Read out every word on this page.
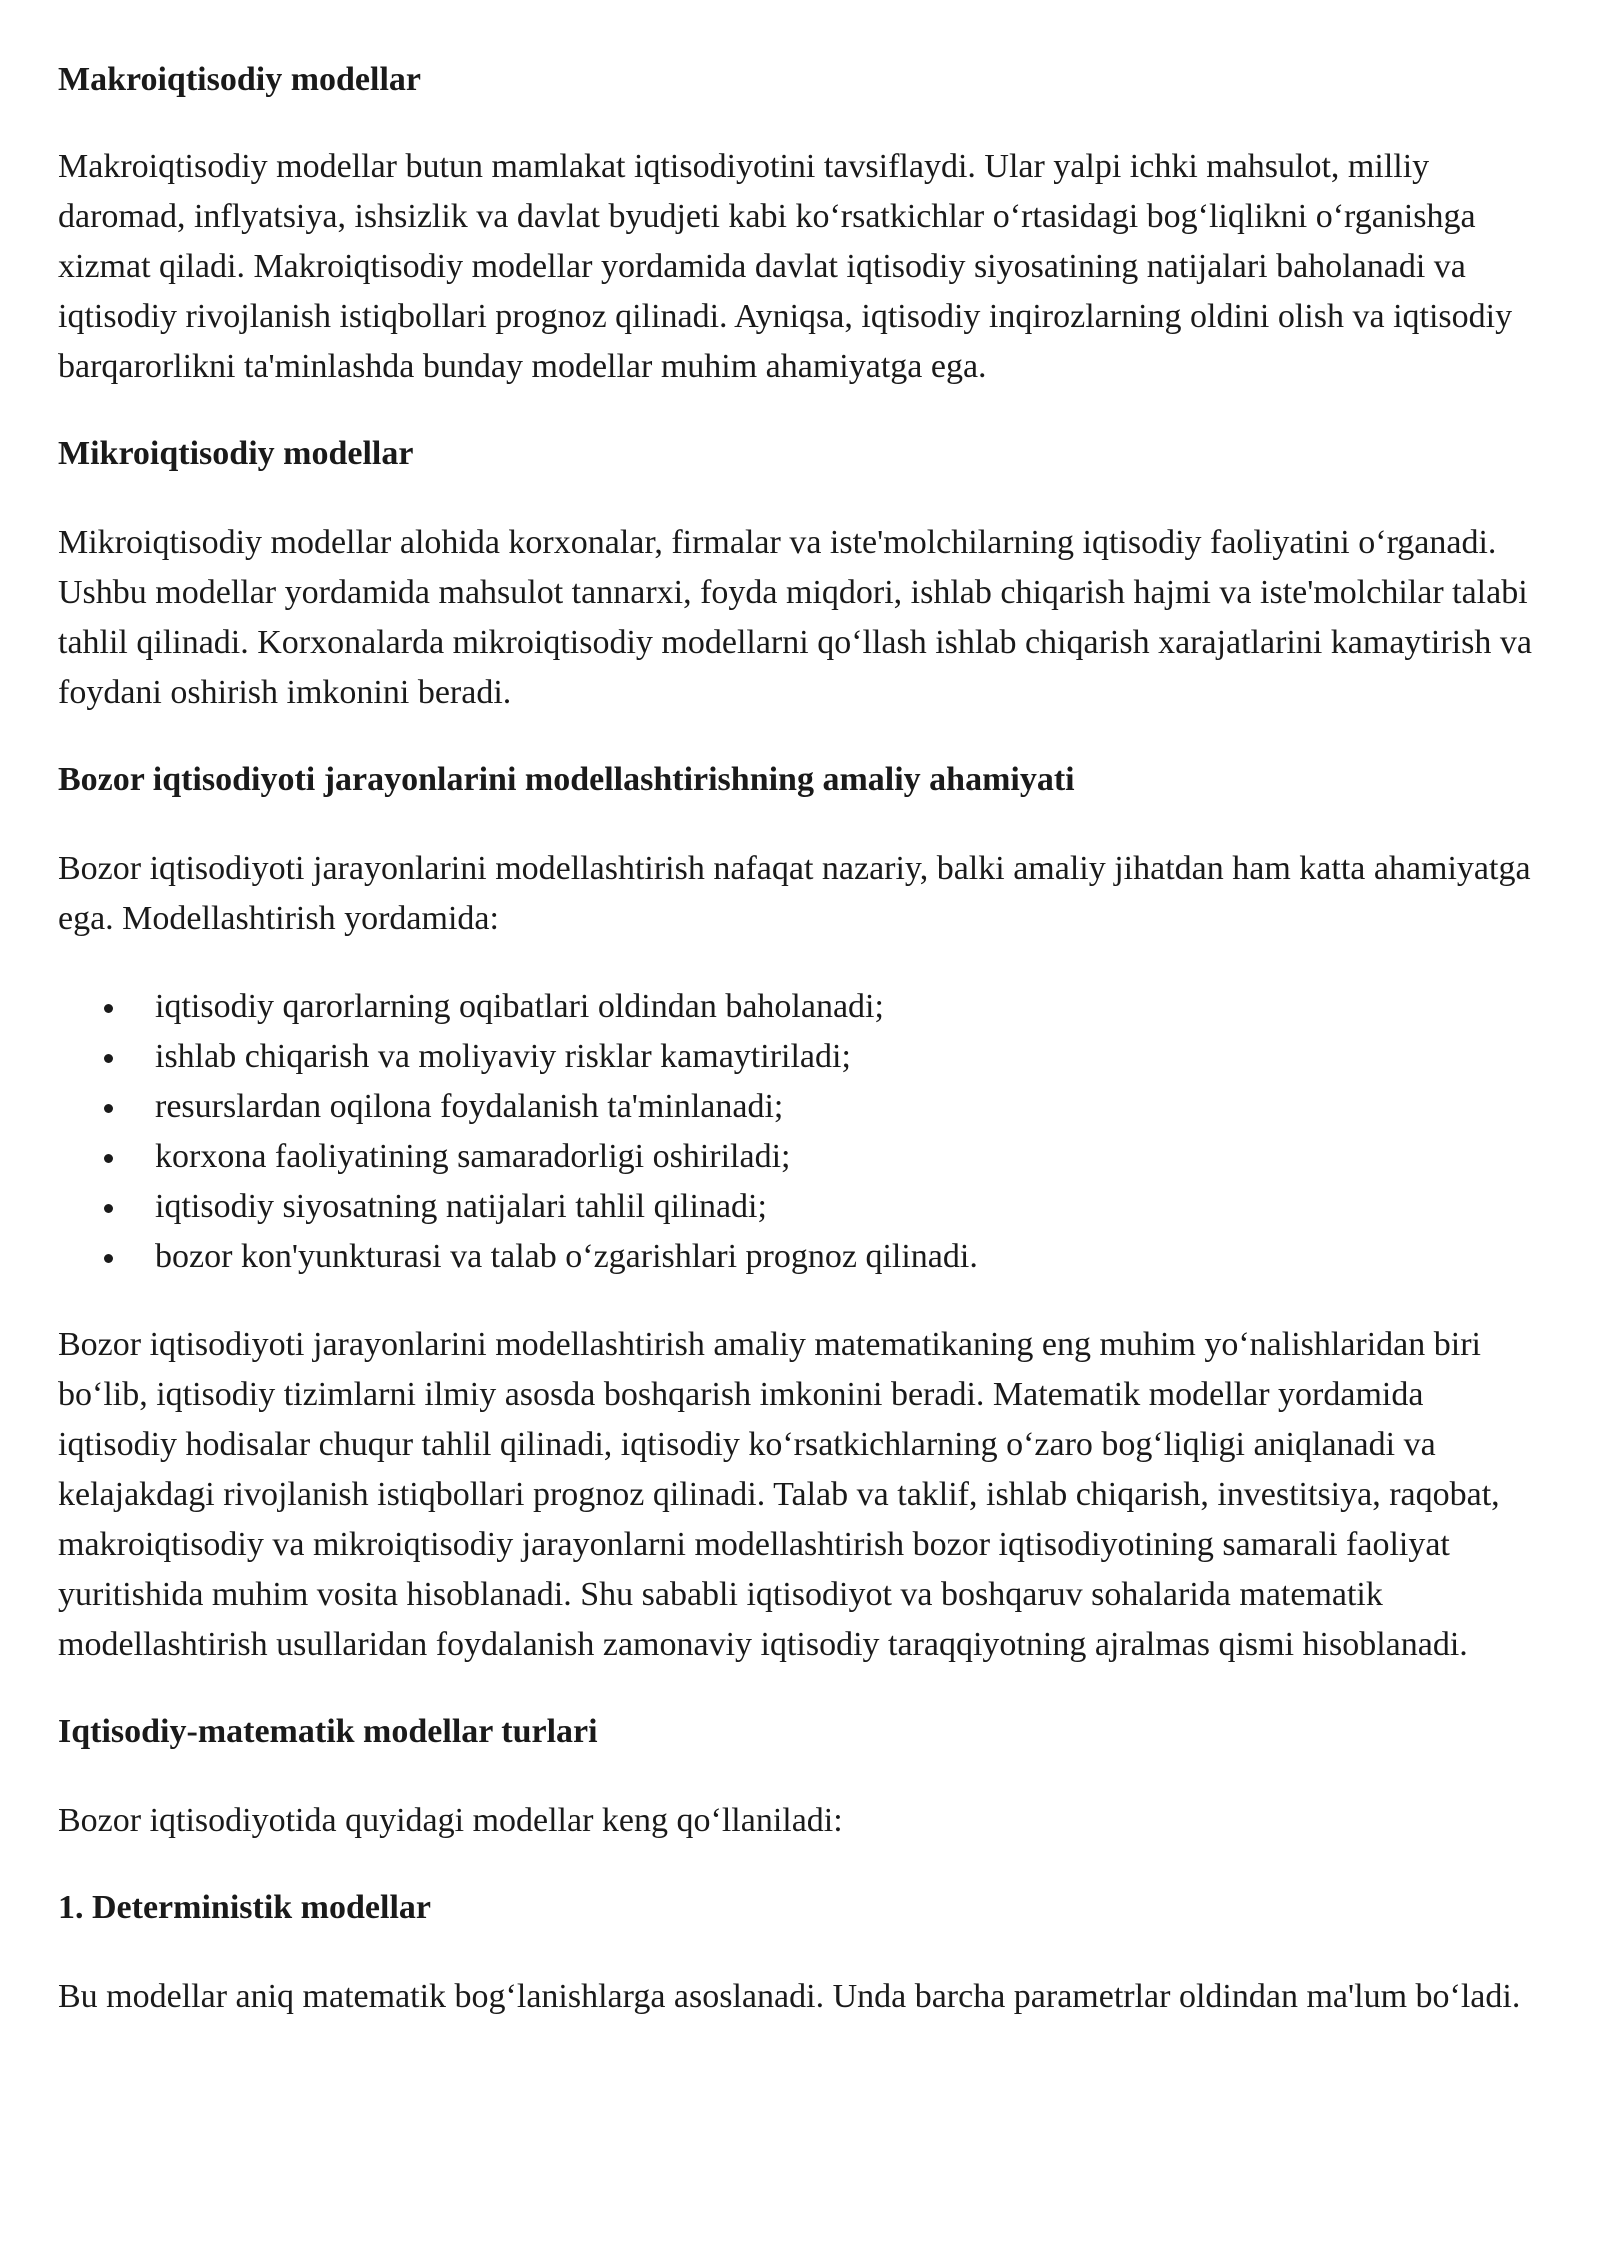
Makroiqtisodiy modellar

Makroiqtisodiy modellar butun mamlakat iqtisodiyotini tavsiflaydi. Ular yalpi ichki mahsulot, milliy daromad, inflyatsiya, ishsizlik va davlat byudjeti kabi koʻrsatkichlar oʻrtasidagi bogʻliqlikni oʻrganishga xizmat qiladi. Makroiqtisodiy modellar yordamida davlat iqtisodiy siyosatining natijalari baholanadi va iqtisodiy rivojlanish istiqbollari prognoz qilinadi. Ayniqsa, iqtisodiy inqirozlarning oldini olish va iqtisodiy barqarorlikni ta'minlashda bunday modellar muhim ahamiyatga ega.

Mikroiqtisodiy modellar

Mikroiqtisodiy modellar alohida korxonalar, firmalar va iste'molchilarning iqtisodiy faoliyatini oʻrganadi. Ushbu modellar yordamida mahsulot tannarxi, foyda miqdori, ishlab chiqarish hajmi va iste'molchilar talabi tahlil qilinadi. Korxonalarda mikroiqtisodiy modellarni qoʻllash ishlab chiqarish xarajatlarini kamaytirish va foydani oshirish imkonini beradi.

Bozor iqtisodiyoti jarayonlarini modellashtirishning amaliy ahamiyati

Bozor iqtisodiyoti jarayonlarini modellashtirish nafaqat nazariy, balki amaliy jihatdan ham katta ahamiyatga ega. Modellashtirish yordamida:

iqtisodiy qarorlarning oqibatlari oldindan baholanadi;
ishlab chiqarish va moliyaviy risklar kamaytiriladi;
resurslardan oqilona foydalanish ta'minlanadi;
korxona faoliyatining samaradorligi oshiriladi;
iqtisodiy siyosatning natijalari tahlil qilinadi;
bozor kon'yunkturasi va talab oʻzgarishlari prognoz qilinadi.

Bozor iqtisodiyoti jarayonlarini modellashtirish amaliy matematikaning eng muhim yoʻnalishlaridan biri boʻlib, iqtisodiy tizimlarni ilmiy asosda boshqarish imkonini beradi. Matematik modellar yordamida iqtisodiy hodisalar chuqur tahlil qilinadi, iqtisodiy koʻrsatkichlarning oʻzaro bogʻliqligi aniqlanadi va kelajakdagi rivojlanish istiqbollari prognoz qilinadi. Talab va taklif, ishlab chiqarish, investitsiya, raqobat, makroiqtisodiy va mikroiqtisodiy jarayonlarni modellashtirish bozor iqtisodiyotining samarali faoliyat yuritishida muhim vosita hisoblanadi. Shu sababli iqtisodiyot va boshqaruv sohalarida matematik modellashtirish usullaridan foydalanish zamonaviy iqtisodiy taraqqiyotning ajralmas qismi hisoblanadi.

Iqtisodiy-matematik modellar turlari

Bozor iqtisodiyotida quyidagi modellar keng qoʻllaniladi:

1. Deterministik modellar

Bu modellar aniq matematik bogʻlanishlarga asoslanadi. Unda barcha parametrlar oldindan ma'lum boʻladi.
